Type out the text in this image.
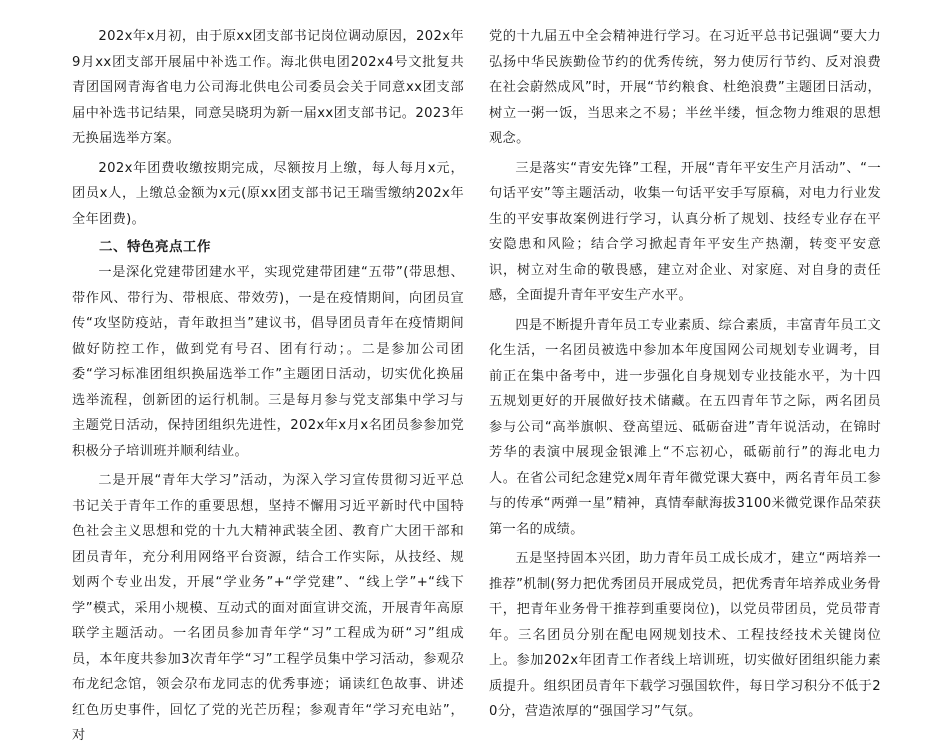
202x年x月初，由于原xx团支部书记岗位调动原因，202x年9月xx团支部开展届中补选工作。海北供电团202x4号文批复共青团国网青海省电力公司海北供电公司委员会关于同意xx团支部届中补选书记结果，同意吴晓玥为新一届xx团支部书记。2023年无换届选举方案。

202x年团费收缴按期完成，尽额按月上缴，每人每月x元，团员x人，上缴总金额为x元(原xx团支部书记王瑞雪缴纳202x年全年团费)。

二、特色亮点工作

一是深化党建带团建水平，实现党建带团建“五带”(带思想、带作风、带行为、带根底、带效劳)，一是在疫情期间，向团员宣传“攻坚防疫站，青年敢担当”建议书，倡导团员青年在疫情期间做好防控工作，做到党有号召、团有行动；。二是参加公司团委“学习标准团组织换届选举工作”主题团日活动，切实优化换届选举流程，创新团的运行机制。三是每月参与党支部集中学习与主题党日活动，保持团组织先进性，202x年x月x名团员参参加党积极分子培训班并顺利结业。

二是开展“青年大学习”活动，为深入学习宣传贯彻习近平总书记关于青年工作的重要思想，坚持不懈用习近平新时代中国特色社会主义思想和党的十九大精神武装全团、教育广大团干部和团员青年，充分利用网络平台资源，结合工作实际，从技经、规划两个专业出发，开展“学业务”+“学党建”、“线上学”+“线下学”模式，采用小规模、互动式的面对面宣讲交流，开展青年高原联学主题活动。一名团员参加青年学“习”工程成为研“习”组成员，本年度共参加3次青年学“习”工程学员集中学习活动，参观尕布龙纪念馆，领会尕布龙同志的优秀事迹；诵读红色故事、讲述红色历史事件，回忆了党的光芒历程；参观青年“学习充电站”，对

党的十九届五中全会精神进行学习。在习近平总书记强调“要大力弘扬中华民族勤俭节约的优秀传统，努力使厉行节约、反对浪费在社会蔚然成风”时，开展“节约粮食、杜绝浪费”主题团日活动，树立一粥一饭，当思来之不易；半丝半缕，恒念物力维艰的思想观念。

三是落实“青安先锋”工程，开展“青年平安生产月活动”、“一句话平安”等主题活动，收集一句话平安手写原稿，对电力行业发生的平安事故案例进行学习，认真分析了规划、技经专业存在平安隐患和风险；结合学习掀起青年平安生产热潮，转变平安意识，树立对生命的敬畏感，建立对企业、对家庭、对自身的责任感，全面提升青年平安生产水平。

四是不断提升青年员工专业素质、综合素质，丰富青年员工文化生活，一名团员被选中参加本年度国网公司规划专业调考，目前正在集中备考中，进一步强化自身规划专业技能水平，为十四五规划更好的开展做好技术储藏。在五四青年节之际，两名团员参与公司“高举旗帜、登高望远、砥砺奋进”青年说活动，在锦时芳华的表演中展现金银滩上“不忘初心，砥砺前行”的海北电力人。在省公司纪念建党x周年青年微党课大赛中，两名青年员工参与的传承“两弹一星”精神，真情奉献海拔3100米微党课作品荣获第一名的成绩。

五是坚持固本兴团，助力青年员工成长成才，建立“两培养一推荐”机制(努力把优秀团员开展成党员，把优秀青年培养成业务骨干，把青年业务骨干推荐到重要岗位)，以党员带团员，党员带青年。三名团员分别在配电网规划技术、工程技经技术关键岗位上。参加202x年团青工作者线上培训班，切实做好团组织能力素质提升。组织团员青年下载学习强国软件，每日学习积分不低于20分，营造浓厚的“强国学习”气氛。
